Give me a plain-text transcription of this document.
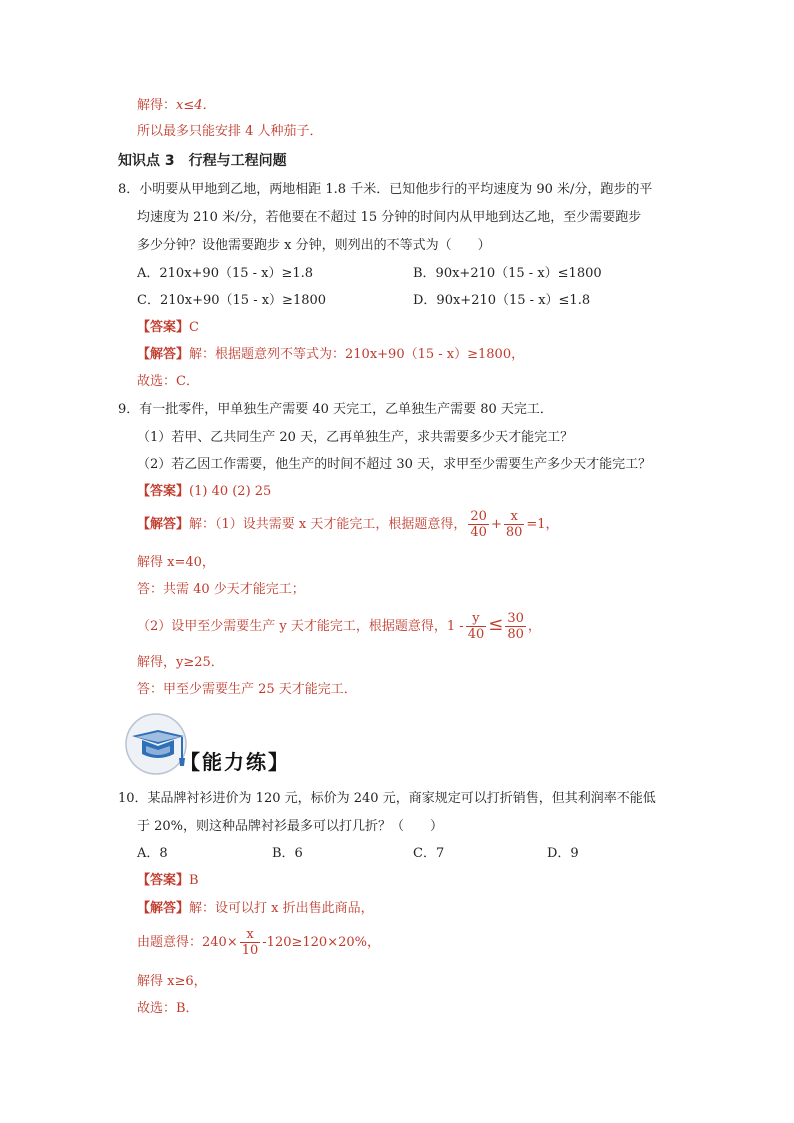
解得：x≤4．
所以最多只能安排 4 人种茄子．
知识点 3　行程与工程问题
8．小明要从甲地到乙地，两地相距 1.8 千米．已知他步行的平均速度为 90 米/分，跑步的平
均速度为 210 米/分，若他要在不超过 15 分钟的时间内从甲地到达乙地，至少需要跑步
多少分钟？设他需要跑步 x 分钟，则列出的不等式为（　　）
A．210x+90（15 - x）≥1.8	B．90x+210（15 - x）≤1800
C．210x+90（15 - x）≥1800	D．90x+210（15 - x）≤1.8
【答案】C
【解答】解：根据题意列不等式为：210x+90（15 - x）≥1800，
故选：C．
9．有一批零件，甲单独生产需要 40 天完工，乙单独生产需要 80 天完工．
（1）若甲、乙共同生产 20 天，乙再单独生产，求共需要多少天才能完工？
（2）若乙因工作需要，他生产的时间不超过 30 天，求甲至少需要生产多少天才能完工？
【答案】(1) 40 (2) 25
【解答】解：（1）设共需要 x 天才能完工，根据题意得， $\frac{20}{40} + \frac{x}{80} =1$，
解得 x=40，
答：共需 40 少天才能完工；
（2）设甲至少需要生产 y 天才能完工，根据题意得，$1 - \frac{y}{40} \le \frac{30}{80}$ ，
解得，y≥25．
答：甲至少需要生产 25 天才能完工．
【能力练】
10．某品牌衬衫进价为 120 元，标价为 240 元，商家规定可以打折销售，但其利润率不能低
于 20%，则这种品牌衬衫最多可以打几折？（　　）
A．8	B．6	C．7	D．9
【答案】B
【解答】解：设可以打 x 折出售此商品，
由题意得：$240\times \frac{x}{10} -120\ge 120\times 20\%$，
解得 x≥6，
故选：B．
